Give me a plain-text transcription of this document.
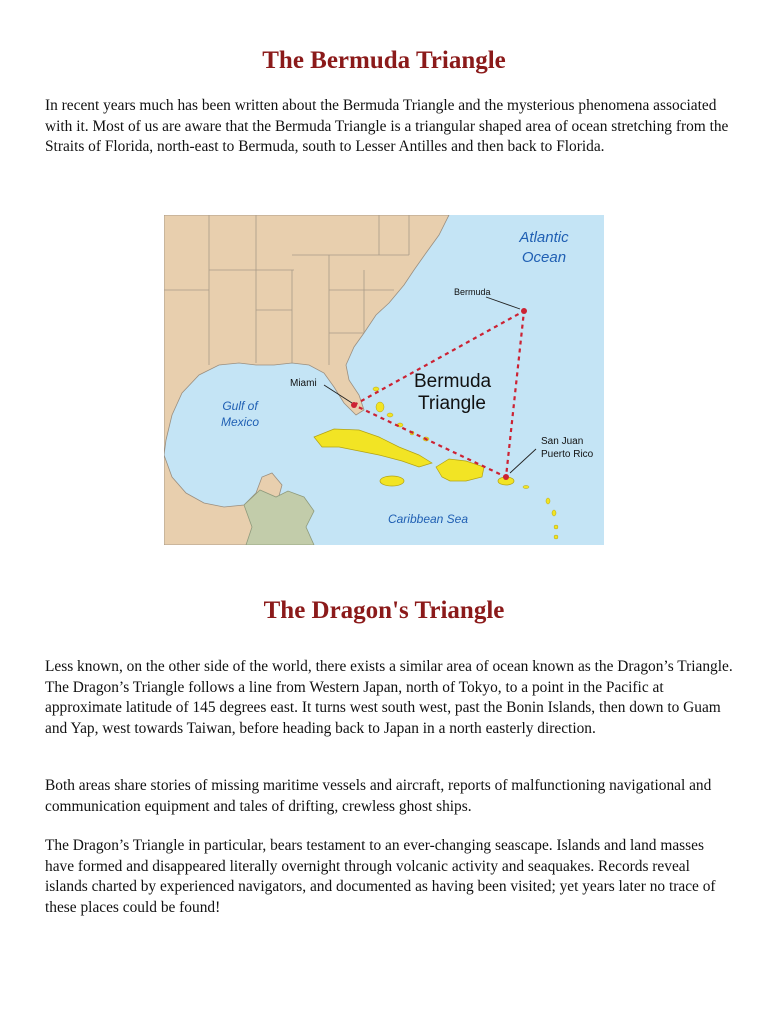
The Bermuda Triangle

In recent years much has been written about the Bermuda Triangle and the mysterious phenomena associated with it. Most of us are aware that the Bermuda Triangle is a triangular shaped area of ocean stretching from the Straits of Florida, north-east to Bermuda, south to Lesser Antilles and then back to Florida.

Atlantic
Ocean
Bermuda
Miami	Bermuda
Triangle
Gulf of
Mexico
San Juan
Puerto Rico
Caribbean Sea
The Dragon's Triangle

Less known, on the other side of the world, there exists a similar area of ocean known as the Dragon’s Triangle. The Dragon’s Triangle follows a line from Western Japan, north of Tokyo, to a point in the Pacific at approximate latitude of 145 degrees east. It turns west south west, past the Bonin Islands, then down to Guam and Yap, west towards Taiwan, before heading back to Japan in a north easterly direction.

Both areas share stories of missing maritime vessels and aircraft, reports of malfunctioning navigational and communication equipment and tales of drifting, crewless ghost ships.

The Dragon’s Triangle in particular, bears testament to an ever-changing seascape. Islands and land masses have formed and disappeared literally overnight through volcanic activity and seaquakes. Records reveal islands charted by experienced navigators, and documented as having been visited; yet years later no trace of these places could be found!
